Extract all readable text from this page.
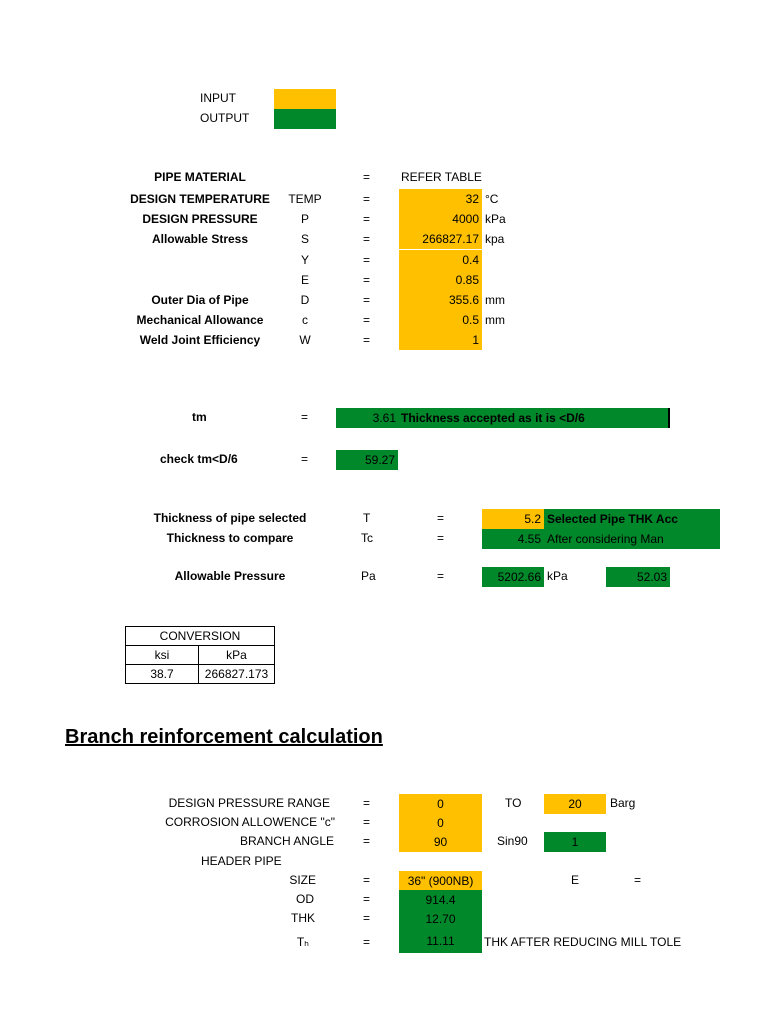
INPUT
OUTPUT
PIPE MATERIAL	=	REFER TABLE
DESIGN TEMPERATURE	TEMP	=	32 °C
DESIGN PRESSURE	P	=	4000 kPa
Allowable Stress	S	=	266827.17 kpa
Y	=	0.4
E	=	0.85
Outer Dia of Pipe	D	=	355.6 mm
Mechanical Allowance	c	=	0.5 mm
Weld Joint Efficiency	W	=	1
tm	=	3.61 Thickness accepted as it is <D/6
check tm<D/6	=	59.27
Thickness of pipe selected	T	=	5.2 Selected Pipe THK Acc
Thickness to compare	Tc	=	4.55 After considering Man
Allowable Pressure	Pa	=	5202.66 kPa	52.03
CONVERSION	
ksi	kPa
38.7	266827.173
Branch reinforcement calculation
DESIGN PRESSURE RANGE	=	0	TO	20	Barg
CORROSION ALLOWENCE "c" =	0
BRANCH ANGLE =	90	Sin90	1
HEADER PIPE
SIZE	=	36" (900NB)	E	=
OD	=	914.4
THK	=	12.70
Tₕ	=	11.11	THK AFTER REDUCING MILL TOLE
